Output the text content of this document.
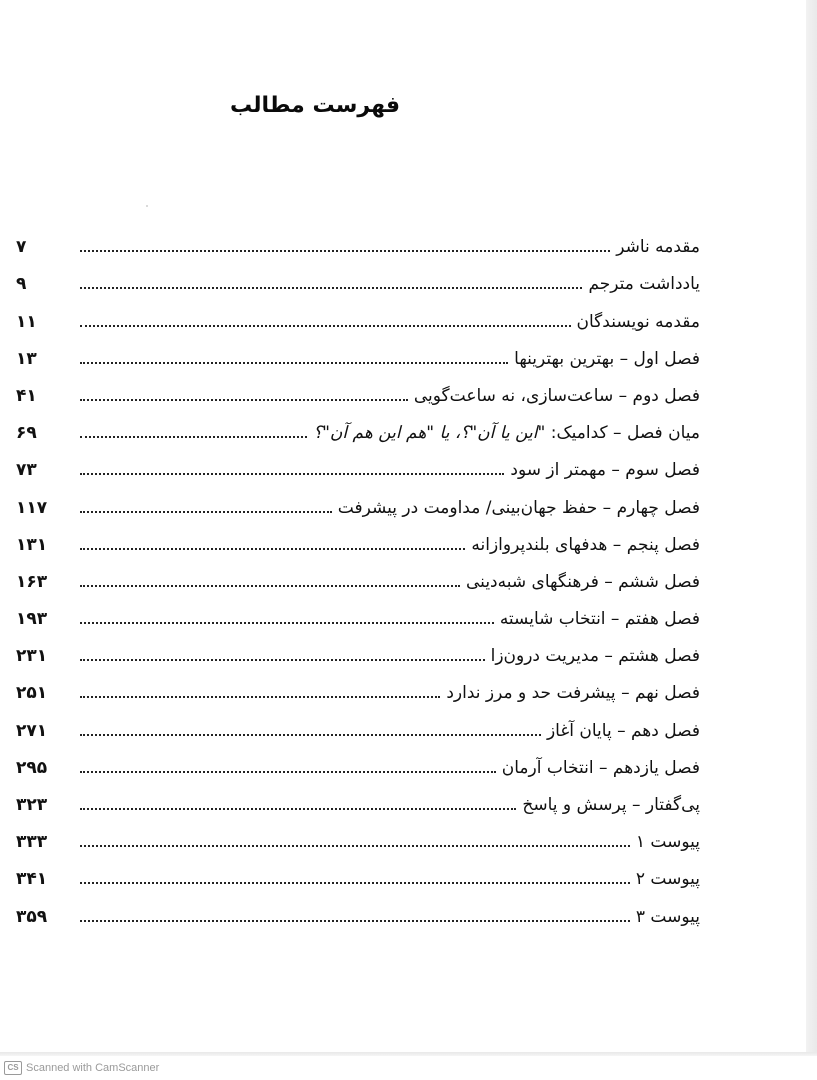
فهرست مطالب
۷	مقدمه ناشر
۹	یادداشت مترجم
۱۱	مقدمه نویسندگان
۱۳	فصل اول – بهترین بهترینها
۴۱	فصل دوم – ساعت‌سازی، نه ساعت‌گویی
۶۹	میان فصل – کدامیک: "این یا آن"؟، یا "هم این هم آن"؟
۷۳	فصل سوم – مهمتر از سود
۱۱۷	فصل چهارم – حفظ جهان‌بینی/ مداومت در پیشرفت
۱۳۱	فصل پنجم – هدفهای بلندپروازانه
۱۶۳	فصل ششم – فرهنگهای شبه‌دینی
۱۹۳	فصل هفتم – انتخاب شایسته
۲۳۱	فصل هشتم – مدیریت درون‌زا
۲۵۱	فصل نهم – پیشرفت حد و مرز ندارد
۲۷۱	فصل دهم – پایان آغاز
۲۹۵	فصل یازدهم – انتخاب آرمان
۳۲۳	پی‌گفتار – پرسش و پاسخ
۳۳۳	پیوست ۱
۳۴۱	پیوست ۲
۳۵۹	پیوست ۳
CS Scanned with CamScanner
